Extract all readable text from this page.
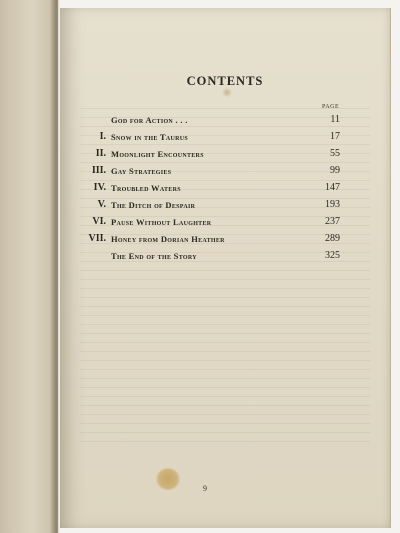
CONTENTS
PAGE
God for Action . . .	11
I. Snow in the Taurus	17
II. Moonlight Encounters	55
III. Gay Strategies	99
IV. Troubled Waters	147
V. The Ditch of Despair	193
VI. Pause Without Laughter	237
VII. Honey from Dorian Heather	289
The End of the Story	325
9
